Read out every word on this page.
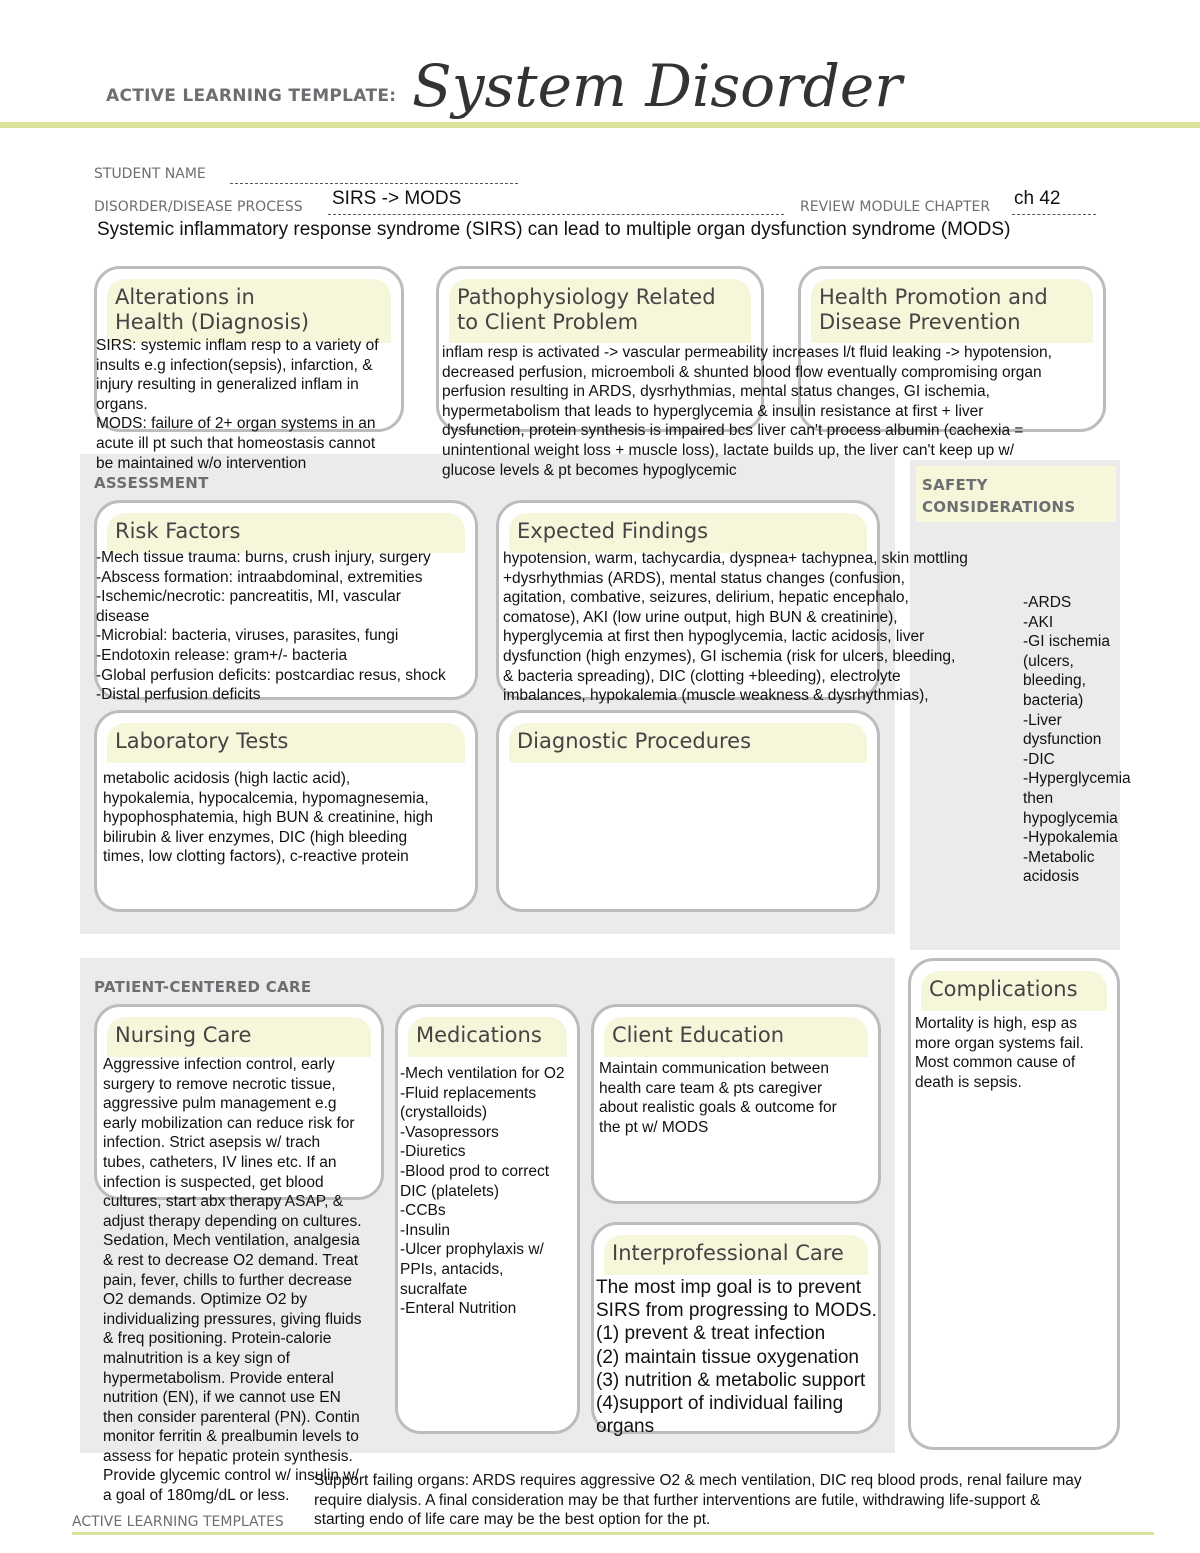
ACTIVE LEARNING TEMPLATE: System Disorder
STUDENT NAME
DISORDER/DISEASE PROCESS SIRS -> MODS	REVIEW MODULE CHAPTER ch 42
Systemic inflammatory response syndrome (SIRS) can lead to multiple organ dysfunction syndrome (MODS)
ASSESSMENT	SAFETY
CONSIDERATIONS
-ARDS
-AKI
-GI ischemia
(ulcers,
bleeding,
bacteria)
-Liver
dysfunction
-DIC
-Hyperglycemia
then
hypoglycemia
-Hypokalemia
-Metabolic
acidosis
PATIENT-CENTERED CARE
Alterations in
Health (Diagnosis)
Pathophysiology Related
to Client Problem
Health Promotion and
Disease Prevention
Risk Factors	Expected Findings
Laboratory Tests	Diagnostic Procedures
Complications
Nursing Care	Medications	Client Education
Interprofessional Care
SIRS: systemic inflam resp to a variety of
insults e.g infection(sepsis), infarction, &
injury resulting in generalized inflam in
organs.
MODS: failure of 2+ organ systems in an
acute ill pt such that homeostasis cannot
be maintained w/o intervention
inflam resp is activated -> vascular permeability increases l/t fluid leaking -> hypotension,
decreased perfusion, microemboli & shunted blood flow eventually compromising organ
perfusion resulting in ARDS, dysrhythmias, mental status changes, GI ischemia,
hypermetabolism that leads to hyperglycemia & insulin resistance at first + liver
dysfunction, protein synthesis is impaired bcs liver can't process albumin (cachexia =
unintentional weight loss + muscle loss), lactate builds up, the liver can't keep up w/
glucose levels & pt becomes hypoglycemic
-Mech tissue trauma: burns, crush injury, surgery
-Abscess formation: intraabdominal, extremities
-Ischemic/necrotic: pancreatitis, MI, vascular
disease
-Microbial: bacteria, viruses, parasites, fungi
-Endotoxin release: gram+/- bacteria
-Global perfusion deficits: postcardiac resus, shock
-Distal perfusion deficits
hypotension, warm, tachycardia, dyspnea+ tachypnea, skin mottling
+dysrhythmias (ARDS), mental status changes (confusion,
agitation, combative, seizures, delirium, hepatic encephalo,
comatose), AKI (low urine output, high BUN & creatinine),
hyperglycemia at first then hypoglycemia, lactic acidosis, liver
dysfunction (high enzymes), GI ischemia (risk for ulcers, bleeding,
& bacteria spreading), DIC (clotting +bleeding), electrolyte
imbalances, hypokalemia (muscle weakness & dysrhythmias),
metabolic acidosis (high lactic acid),
hypokalemia, hypocalcemia, hypomagnesemia,
hypophosphatemia, high BUN & creatinine, high
bilirubin & liver enzymes, DIC (high bleeding
times, low clotting factors), c-reactive protein
Mortality is high, esp as
more organ systems fail.
Most common cause of
death is sepsis.
Aggressive infection control, early
surgery to remove necrotic tissue,
aggressive pulm management e.g
early mobilization can reduce risk for
infection. Strict asepsis w/ trach
tubes, catheters, IV lines etc. If an
infection is suspected, get blood
cultures, start abx therapy ASAP, &
adjust therapy depending on cultures.
Sedation, Mech ventilation, analgesia
& rest to decrease O2 demand. Treat
pain, fever, chills to further decrease
O2 demands. Optimize O2 by
individualizing pressures, giving fluids
& freq positioning. Protein-calorie
malnutrition is a key sign of
hypermetabolism. Provide enteral
nutrition (EN), if we cannot use EN
then consider parenteral (PN). Contin
monitor ferritin & prealbumin levels to
assess for hepatic protein synthesis.
Provide glycemic control w/ insulin w/
a goal of 180mg/dL or less.
Support failing organs: ARDS requires aggressive O2 & mech ventilation, DIC req blood prods, renal failure may
require dialysis. A final consideration may be that further interventions are futile, withdrawing life-support &
starting endo of life care may be the best option for the pt.
-Mech ventilation for O2
-Fluid replacements
(crystalloids)
-Vasopressors
-Diuretics
-Blood prod to correct
DIC (platelets)
-CCBs
-Insulin
-Ulcer prophylaxis w/
PPIs, antacids,
sucralfate
-Enteral Nutrition
Maintain communication between
health care team & pts caregiver
about realistic goals & outcome for
the pt w/ MODS
The most imp goal is to prevent
SIRS from progressing to MODS.
(1) prevent & treat infection
(2) maintain tissue oxygenation
(3) nutrition & metabolic support
(4)support of individual failing
organs
ACTIVE LEARNING TEMPLATES
